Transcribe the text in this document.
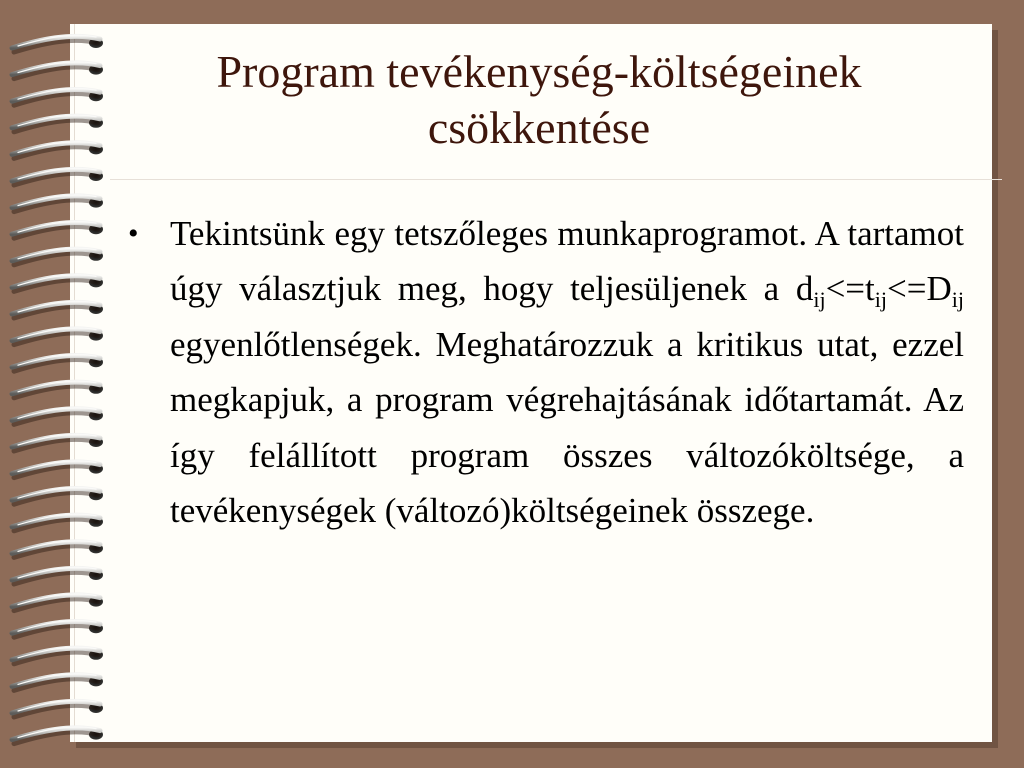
Program tevékenység-költségeinek csökkentése
• Tekintsünk egy tetszőleges munkaprogramot. A tartamot úgy választjuk meg, hogy teljesüljenek a $d_{ij}<=t_{ij}<=D_{ij}$ egyenlőtlenségek. Meghatározzuk a kritikus utat, ezzel megkapjuk, a program végrehajtásának időtartamát. Az így felállított program összes változóköltsége, a tevékenységek (változó)költségeinek összege.
